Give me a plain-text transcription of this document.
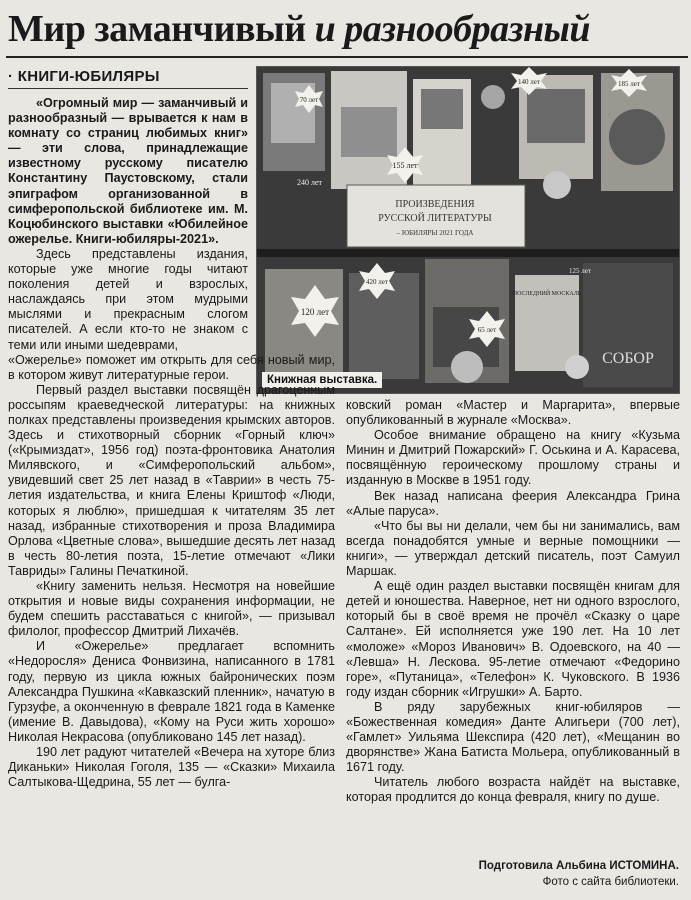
Мир заманчивый и разнообразный
· КНИГИ-ЮБИЛЯРЫ
ПРОИЗВЕДЕНИЯ
РУССКОЙ ЛИТЕРАТУРЫ
– ЮБИЛЯРЫ 2021 ГОДА
ПОСЛЕДНИЙ МОСКАЛЬ
СОБОР
70 лет
155 лет
140 лет	185 лет
240 лет
420 лет
120 лет
65 лет
125 лет
Книжная выставка.

«Огромный мир — заманчивый и разнообразный — врывается к нам в комнату со страниц любимых книг» — эти слова, принадлежащие известному русскому писателю Константину Паустовскому, стали эпиграфом организованной в симферопольской библиотеке им. М. Коцюбинского выставки «Юбилейное ожерелье. Книги-юбиляры-2021».

Здесь представлены издания, которые уже многие годы читают поколения детей и взрослых, наслаждаясь при этом мудрыми мыслями и прекрасным слогом писателей. А если кто-то не знаком с теми или иными шедеврами,

«Ожерелье» поможет им открыть для себя новый мир, в котором живут литературные герои.

Первый раздел выставки посвящён драгоценным россыпям краеведческой литературы: на книжных полках представлены произведения крымских авторов. Здесь и стихотворный сборник «Горный ключ» («Крымиздат», 1956 год) поэта-фронтовика Анатолия Милявского, и «Симферопольский альбом», увидевший свет 25 лет назад в «Таврии» в честь 75-летия издательства, и книга Елены Криштоф «Люди, которых я люблю», пришедшая к читателям 35 лет назад, избранные стихотворения и проза Владимира Орлова «Цветные слова», вышедшие десять лет назад в честь 80-летия поэта, 15-летие отмечают «Лики Тавриды» Галины Печаткиной.

«Книгу заменить нельзя. Несмотря на новейшие открытия и новые виды сохранения информации, не будем спешить расставаться с книгой», — призывал филолог, профессор Дмитрий Лихачёв.

И «Ожерелье» предлагает вспомнить «Недоросля» Дениса Фонвизина, написанного в 1781 году, первую из цикла южных байронических поэм Александра Пушкина «Кавказский пленник», начатую в Гурзуфе, а оконченную в феврале 1821 года в Каменке (имение В. Давыдова), «Кому на Руси жить хорошо» Николая Некрасова (опубликовано 145 лет назад).

190 лет радуют читателей «Вечера на хуторе близ Диканьки» Николая Гоголя, 135 — «Сказки» Михаила Салтыкова-Щедрина, 55 лет — булга-

ковский роман «Мастер и Маргарита», впервые опубликованный в журнале «Москва».

Особое внимание обращено на книгу «Кузьма Минин и Дмитрий Пожарский» Г. Оськина и А. Карасева, посвящённую героическому прошлому страны и изданную в Москве в 1951 году.

Век назад написана феерия Александра Грина «Алые паруса».

«Что бы вы ни делали, чем бы ни занимались, вам всегда понадобятся умные и верные помощники — книги», — утверждал детский писатель, поэт Самуил Маршак.

А ещё один раздел выставки посвящён книгам для детей и юношества. Наверное, нет ни одного взрослого, который бы в своё время не прочёл «Сказку о царе Салтане». Ей исполняется уже 190 лет. На 10 лет «моложе» «Мороз Иванович» В. Одоевского, на 40 — «Левша» Н. Лескова. 95-летие отмечают «Федорино горе», «Путаница», «Телефон» К. Чуковского. В 1936 году издан сборник «Игрушки» А. Барто.

В ряду зарубежных книг-юбиляров — «Божественная комедия» Данте Алигьери (700 лет), «Гамлет» Уильяма Шекспира (420 лет), «Мещанин во дворянстве» Жана Батиста Мольера, опубликованный в 1671 году.

Читатель любого возраста найдёт на выставке, которая продлится до конца февраля, книгу по душе.

Подготовила Альбина ИСТОМИНА.
Фото с сайта библиотеки.
